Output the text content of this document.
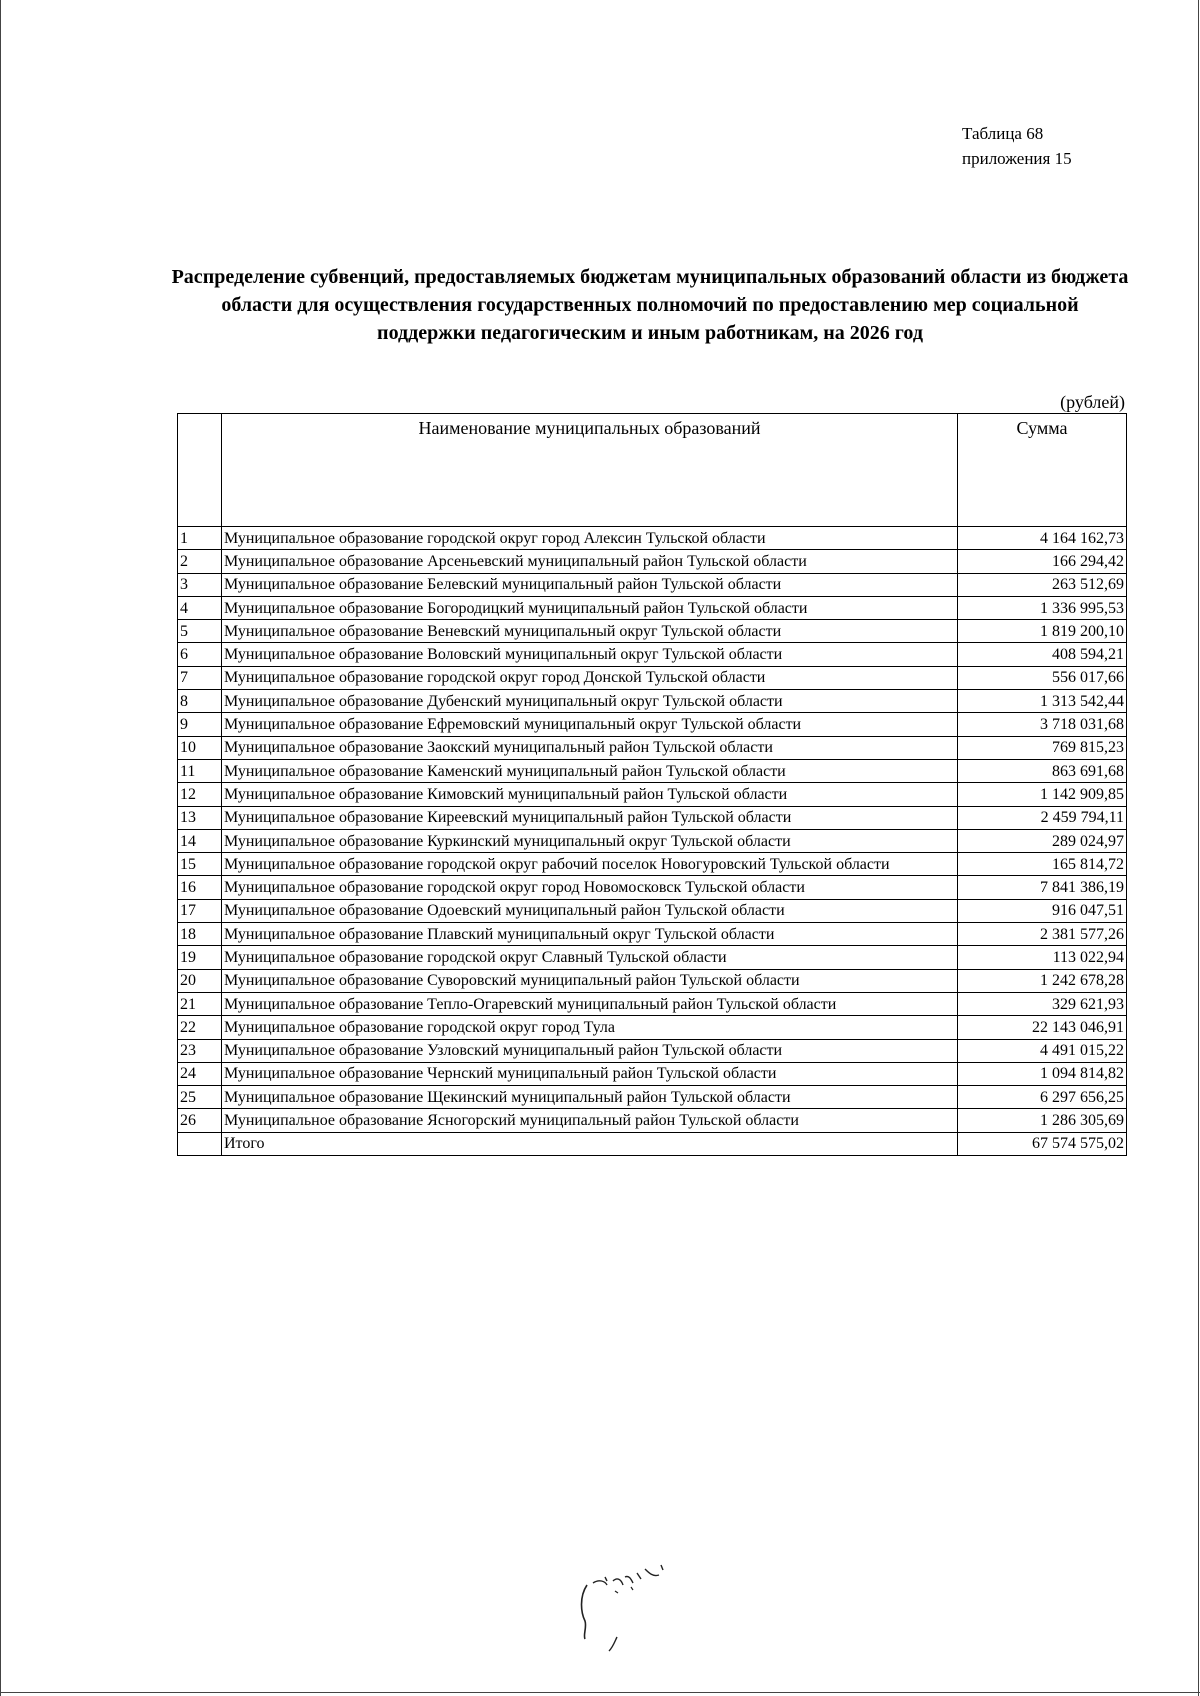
Таблица 68
приложения 15
Распределение субвенций, предоставляемых бюджетам муниципальных образований области из бюджета области для осуществления государственных полномочий по предоставлению мер социальной поддержки педагогическим и иным работникам, на 2026 год
(рублей)
	Наименование муниципальных образований	Сумма
1	Муниципальное образование городской округ город Алексин Тульской области	4 164 162,73
2	Муниципальное образование Арсеньевский муниципальный район Тульской области	166 294,42
3	Муниципальное образование Белевский муниципальный район Тульской области	263 512,69
4	Муниципальное образование Богородицкий муниципальный район Тульской области	1 336 995,53
5	Муниципальное образование Веневский муниципальный округ Тульской области	1 819 200,10
6	Муниципальное образование Воловский муниципальный округ Тульской области	408 594,21
7	Муниципальное образование городской округ город Донской Тульской области	556 017,66
8	Муниципальное образование Дубенский муниципальный округ Тульской области	1 313 542,44
9	Муниципальное образование Ефремовский муниципальный округ Тульской области	3 718 031,68
10	Муниципальное образование Заокский муниципальный район Тульской области	769 815,23
11	Муниципальное образование Каменский муниципальный район Тульской области	863 691,68
12	Муниципальное образование Кимовский муниципальный район Тульской области	1 142 909,85
13	Муниципальное образование Киреевский муниципальный район Тульской области	2 459 794,11
14	Муниципальное образование Куркинский муниципальный округ Тульской области	289 024,97
15	Муниципальное образование городской округ рабочий поселок Новогуровский Тульской области	165 814,72
16	Муниципальное образование городской округ город Новомосковск Тульской области	7 841 386,19
17	Муниципальное образование Одоевский муниципальный район Тульской области	916 047,51
18	Муниципальное образование Плавский муниципальный округ Тульской области	2 381 577,26
19	Муниципальное образование городской округ Славный Тульской области	113 022,94
20	Муниципальное образование Суворовский муниципальный район Тульской области	1 242 678,28
21	Муниципальное образование Тепло-Огаревский муниципальный район Тульской области	329 621,93
22	Муниципальное образование городской округ город Тула	22 143 046,91
23	Муниципальное образование Узловский муниципальный район Тульской области	4 491 015,22
24	Муниципальное образование Чернский муниципальный район Тульской области	1 094 814,82
25	Муниципальное образование Щекинский муниципальный район Тульской области	6 297 656,25
26	Муниципальное образование Ясногорский муниципальный район Тульской области	1 286 305,69
	Итого	67 574 575,02
